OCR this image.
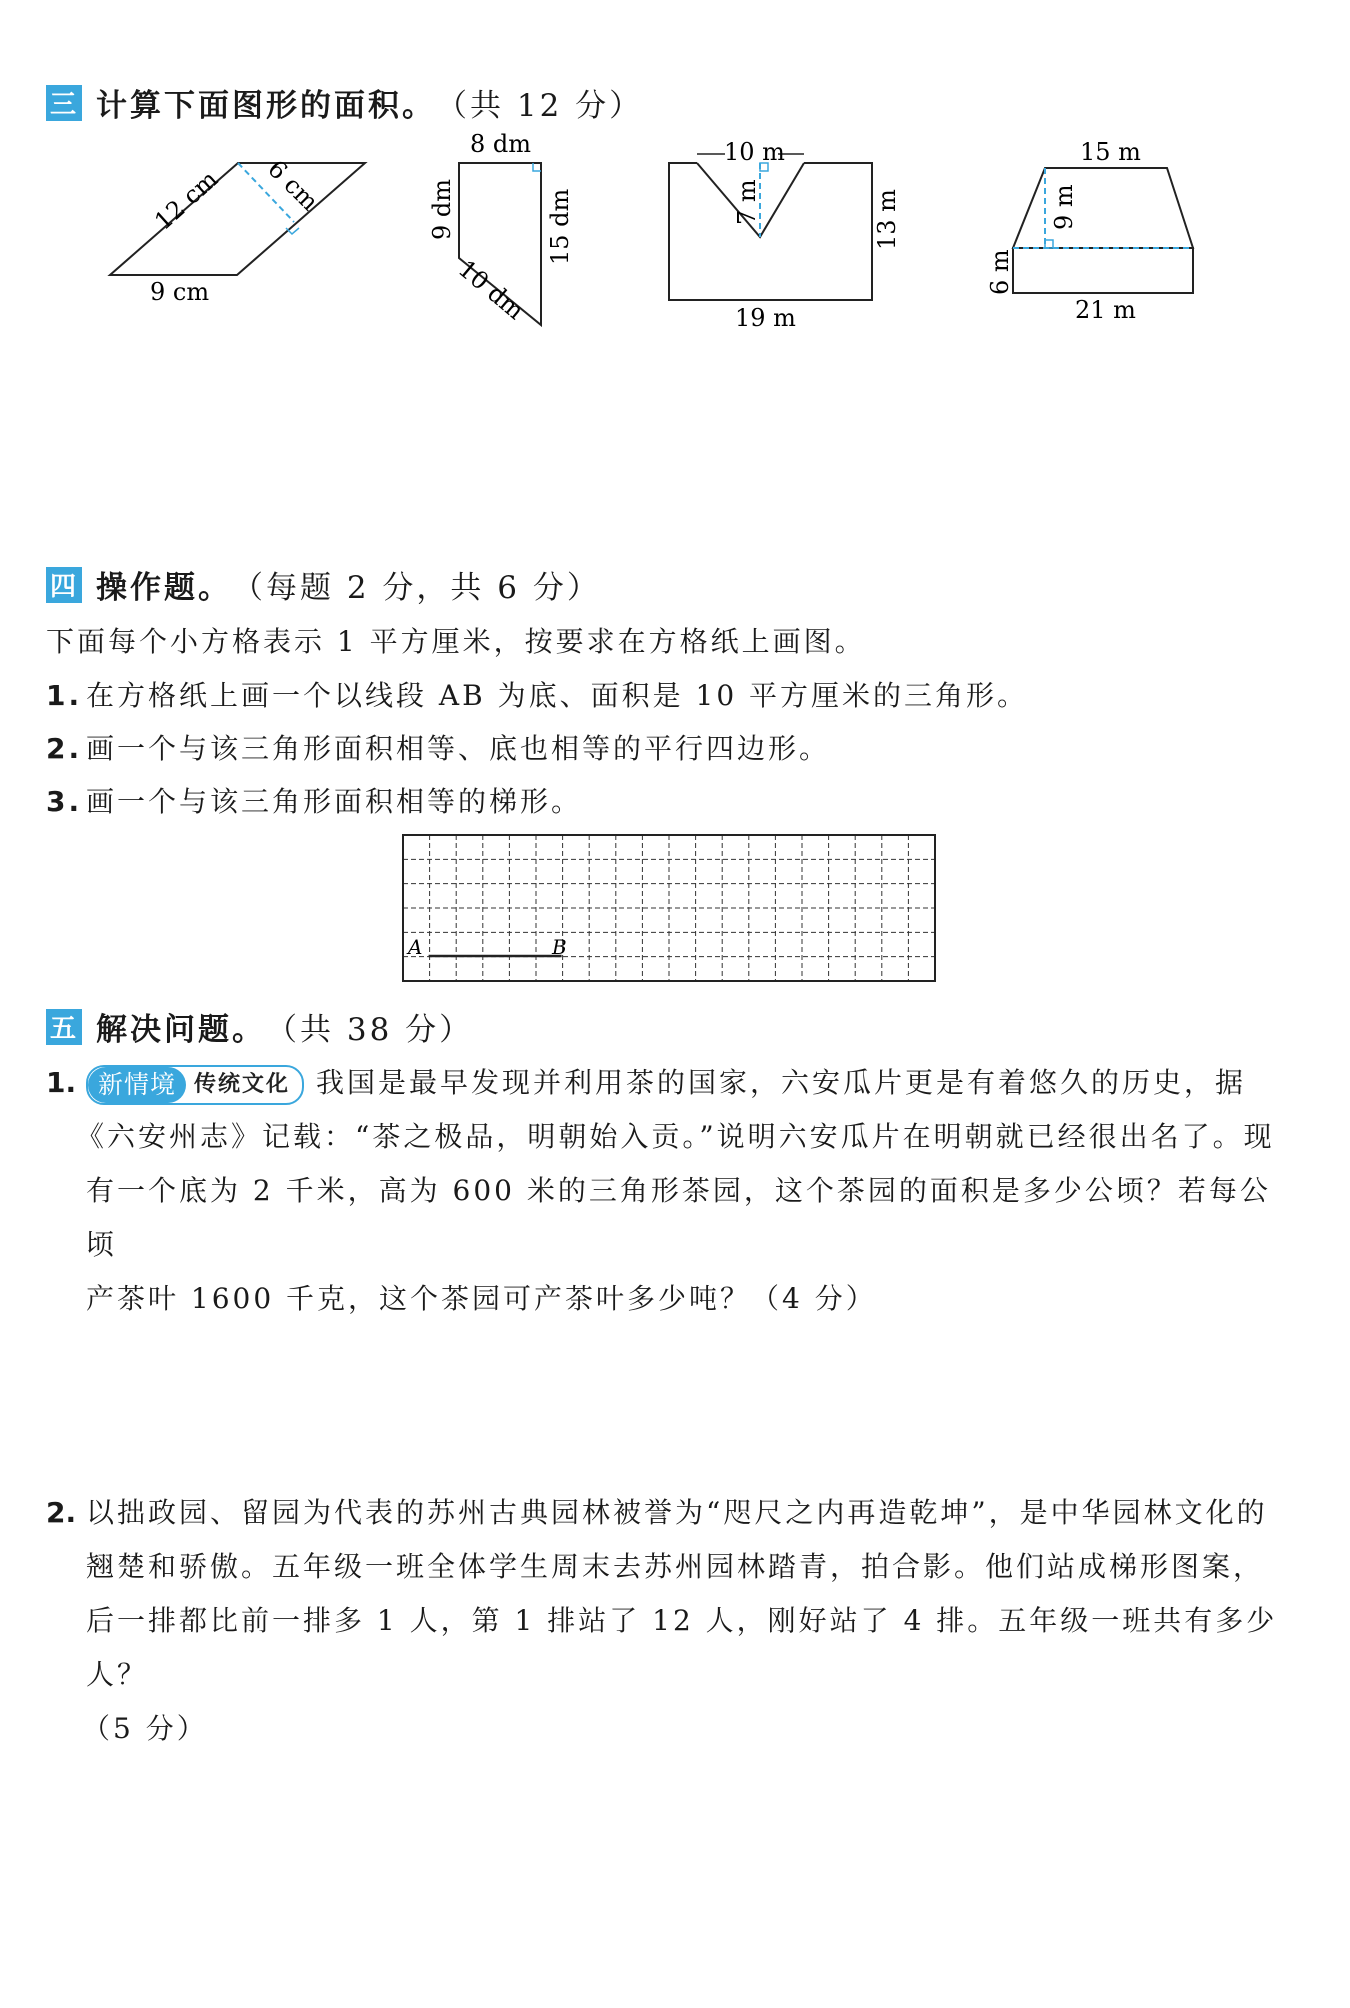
三 计算下面图形的面积。 （共 12 分）
12 cm 6 cm
9 cm
8 dm
9 dm	15 dm
10 dm
10 m
7 m	13 m
19 m
15 m
9 m
6 m
21 m
四 操作题。 （每题 2 分，共 6 分）
下面每个小方格表示 1 平方厘米，按要求在方格纸上画图。
1. 在方格纸上画一个以线段 AB 为底、面积是 10 平方厘米的三角形。
2. 画一个与该三角形面积相等、底也相等的平行四边形。
3. 画一个与该三角形面积相等的梯形。
A	B
五 解决问题。 （共 38 分）
1. 新情境 传统文化 我国是最早发现并利用茶的国家，六安瓜片更是有着悠久的历史，据
《六安州志》记载：“茶之极品，明朝始入贡。”说明六安瓜片在明朝就已经很出名了。现
有一个底为 2 千米，高为 600 米的三角形茶园，这个茶园的面积是多少公顷？若每公顷
产茶叶 1600 千克，这个茶园可产茶叶多少吨？（4 分）
2. 以拙政园、留园为代表的苏州古典园林被誉为“咫尺之内再造乾坤”，是中华园林文化的
翘楚和骄傲。五年级一班全体学生周末去苏州园林踏青，拍合影。他们站成梯形图案，
后一排都比前一排多 1 人，第 1 排站了 12 人，刚好站了 4 排。五年级一班共有多少人？
（5 分）
